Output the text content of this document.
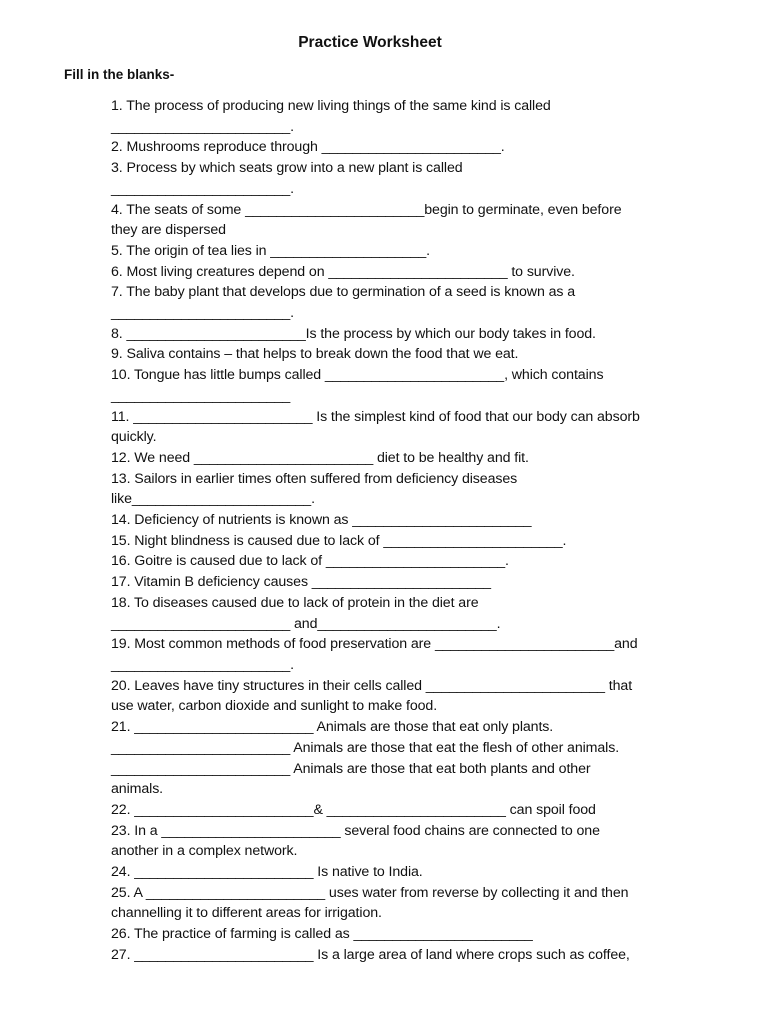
Practice Worksheet
Fill in the blanks-
1. The process of producing new living things of the same kind is called
_______________________.
2. Mushrooms reproduce through _______________________.
3. Process by which seats grow into a new plant is called
_______________________.
4. The seats of some _______________________begin to germinate, even before
they are dispersed
5. The origin of tea lies in ____________________.
6. Most living creatures depend on _______________________ to survive.
7. The baby plant that develops due to germination of a seed is known as a
_______________________.
8. _______________________Is the process by which our body takes in food.
9. Saliva contains – that helps to break down the food that we eat.
10. Tongue has little bumps called _______________________, which contains
_______________________
11. _______________________ Is the simplest kind of food that our body can absorb
quickly.
12. We need _______________________ diet to be healthy and fit.
13. Sailors in earlier times often suffered from deficiency diseases
like_______________________.
14. Deficiency of nutrients is known as _______________________
15. Night blindness is caused due to lack of _______________________.
16. Goitre is caused due to lack of _______________________.
17. Vitamin B deficiency causes _______________________
18. To diseases caused due to lack of protein in the diet are
_______________________ and_______________________.
19. Most common methods of food preservation are _______________________and
_______________________.
20. Leaves have tiny structures in their cells called _______________________ that
use water, carbon dioxide and sunlight to make food.
21. _______________________ Animals are those that eat only plants.
_______________________ Animals are those that eat the flesh of other animals.
_______________________ Animals are those that eat both plants and other
animals.
22. _______________________& _______________________ can spoil food
23. In a _______________________ several food chains are connected to one
another in a complex network.
24. _______________________ Is native to India.
25. A _______________________ uses water from reverse by collecting it and then
channelling it to different areas for irrigation.
26. The practice of farming is called as _______________________
27. _______________________ Is a large area of land where crops such as coffee,
